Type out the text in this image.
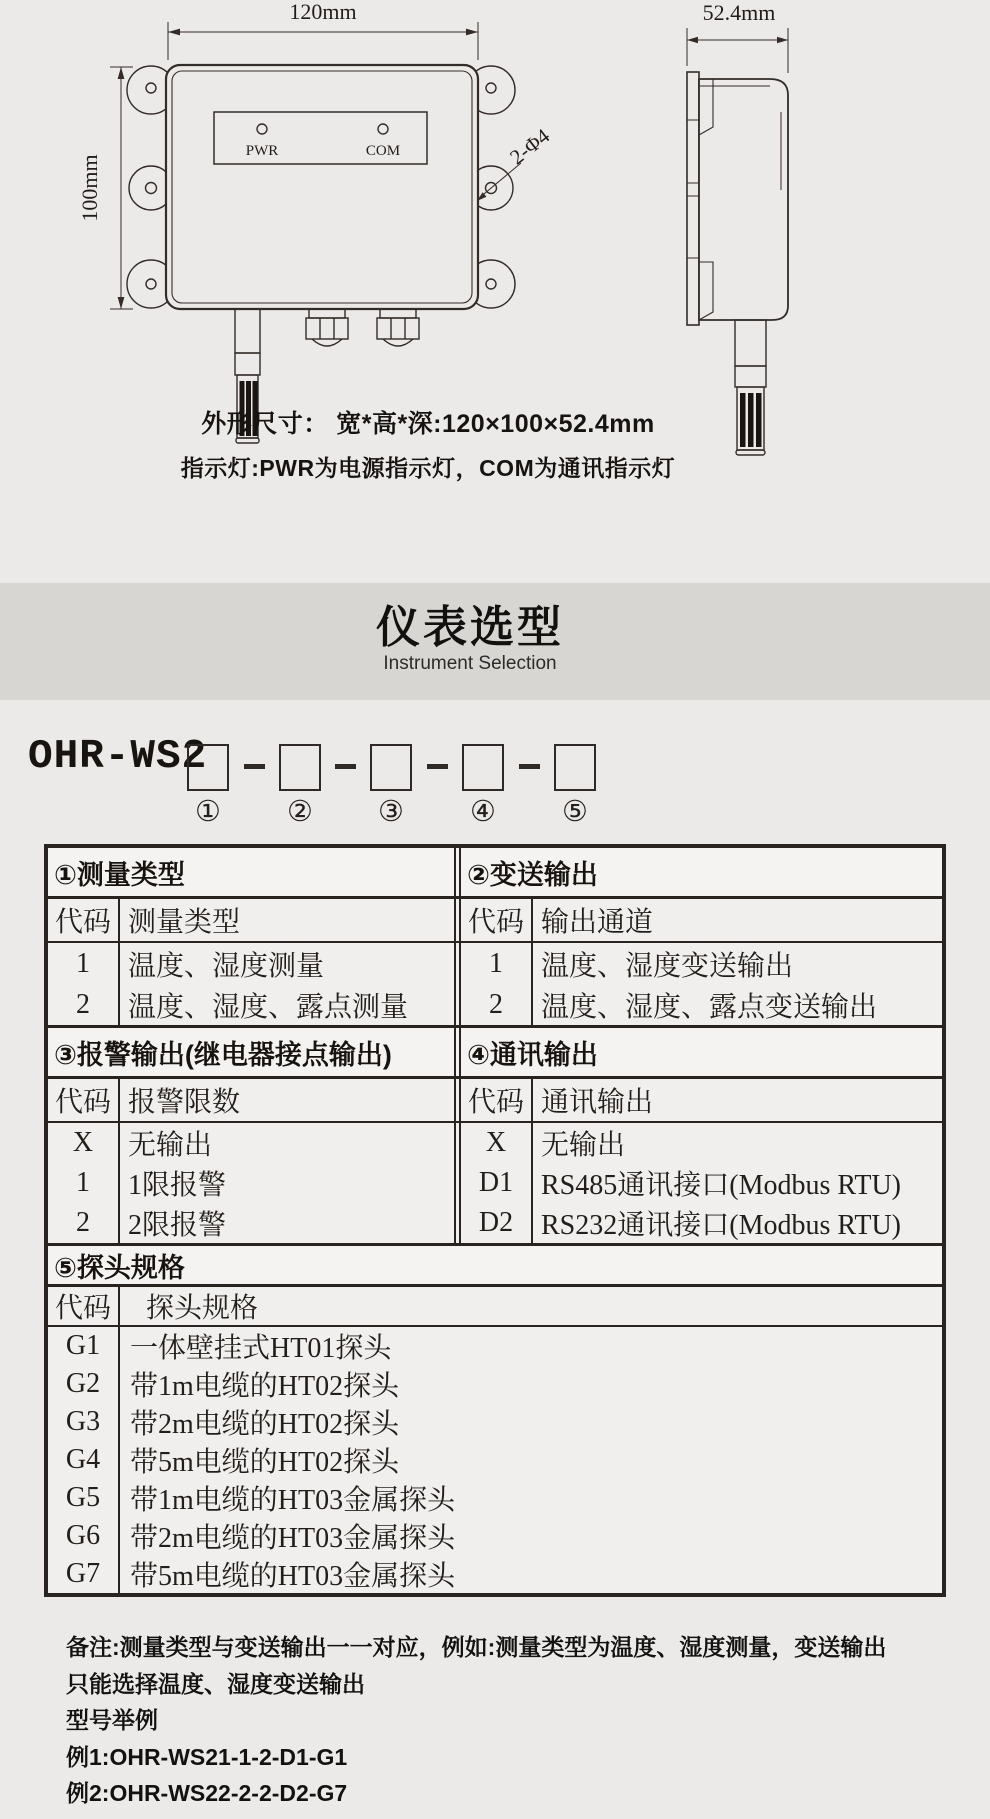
PWR	COM
120mm
100mm
2-Φ4
52.4mm
外形尺寸： 宽*高*深:120×100×52.4mm
指示灯:PWR为电源指示灯，COM为通讯指示灯
仪表选型
Instrument Selection
OHR-WS2
① ② ③ ④ ⑤
①测量类型	②变送输出
代码 测量类型	代码 输出通道
1	温度、湿度测量	1	温度、湿度变送输出
2	温度、湿度、露点测量	2	温度、湿度、露点变送输出
③报警输出(继电器接点输出)	④通讯输出
代码 报警限数	代码 通讯输出
X	无输出	X	无输出
1	1限报警	D1 RS485通讯接口(Modbus RTU)
2	2限报警	D2 RS232通讯接口(Modbus RTU)
⑤探头规格
代码	探头规格
G1	一体壁挂式HT01探头
G2	带1m电缆的HT02探头
G3	带2m电缆的HT02探头
G4	带5m电缆的HT02探头
G5	带1m电缆的HT03金属探头
G6	带2m电缆的HT03金属探头
G7	带5m电缆的HT03金属探头
备注:测量类型与变送输出一一对应，例如:测量类型为温度、湿度测量，变送输出
只能选择温度、湿度变送输出
型号举例
例1:OHR-WS21-1-2-D1-G1
例2:OHR-WS22-2-2-D2-G7
